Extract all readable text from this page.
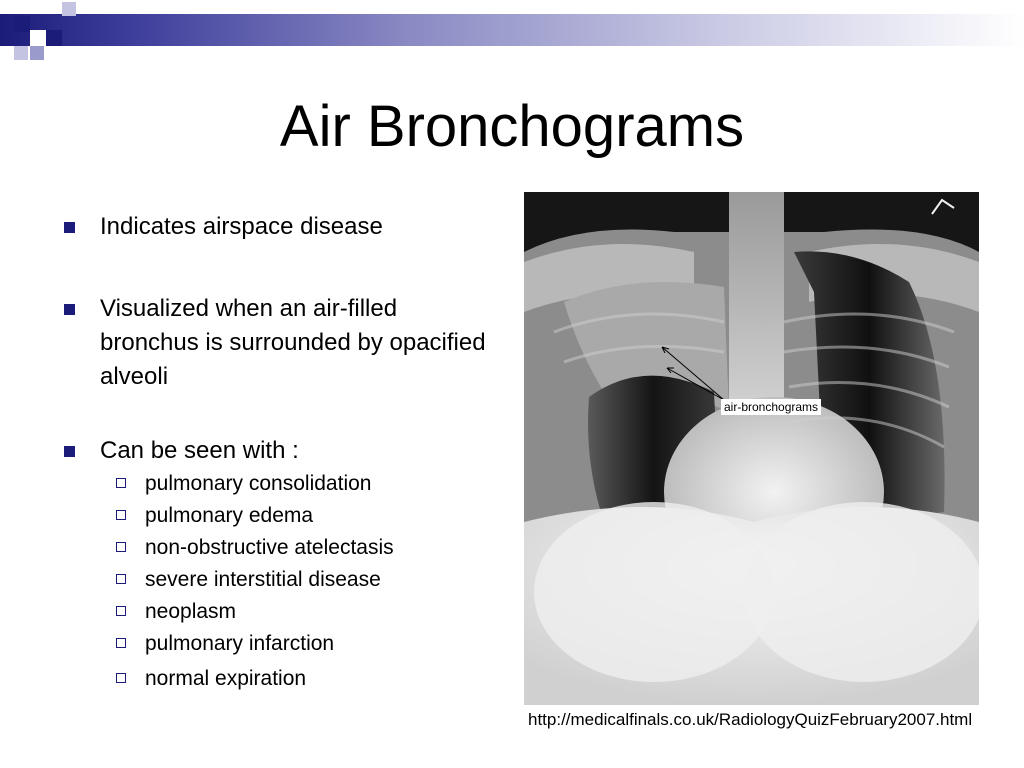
Air Bronchograms
Indicates airspace disease
Visualized when an air-filled bronchus is surrounded by opacified alveoli
Can be seen with :
pulmonary consolidation
pulmonary edema
non-obstructive atelectasis
severe interstitial disease
neoplasm
pulmonary infarction
normal expiration
air-bronchograms
http://medicalfinals.co.uk/RadiologyQuizFebruary2007.html
